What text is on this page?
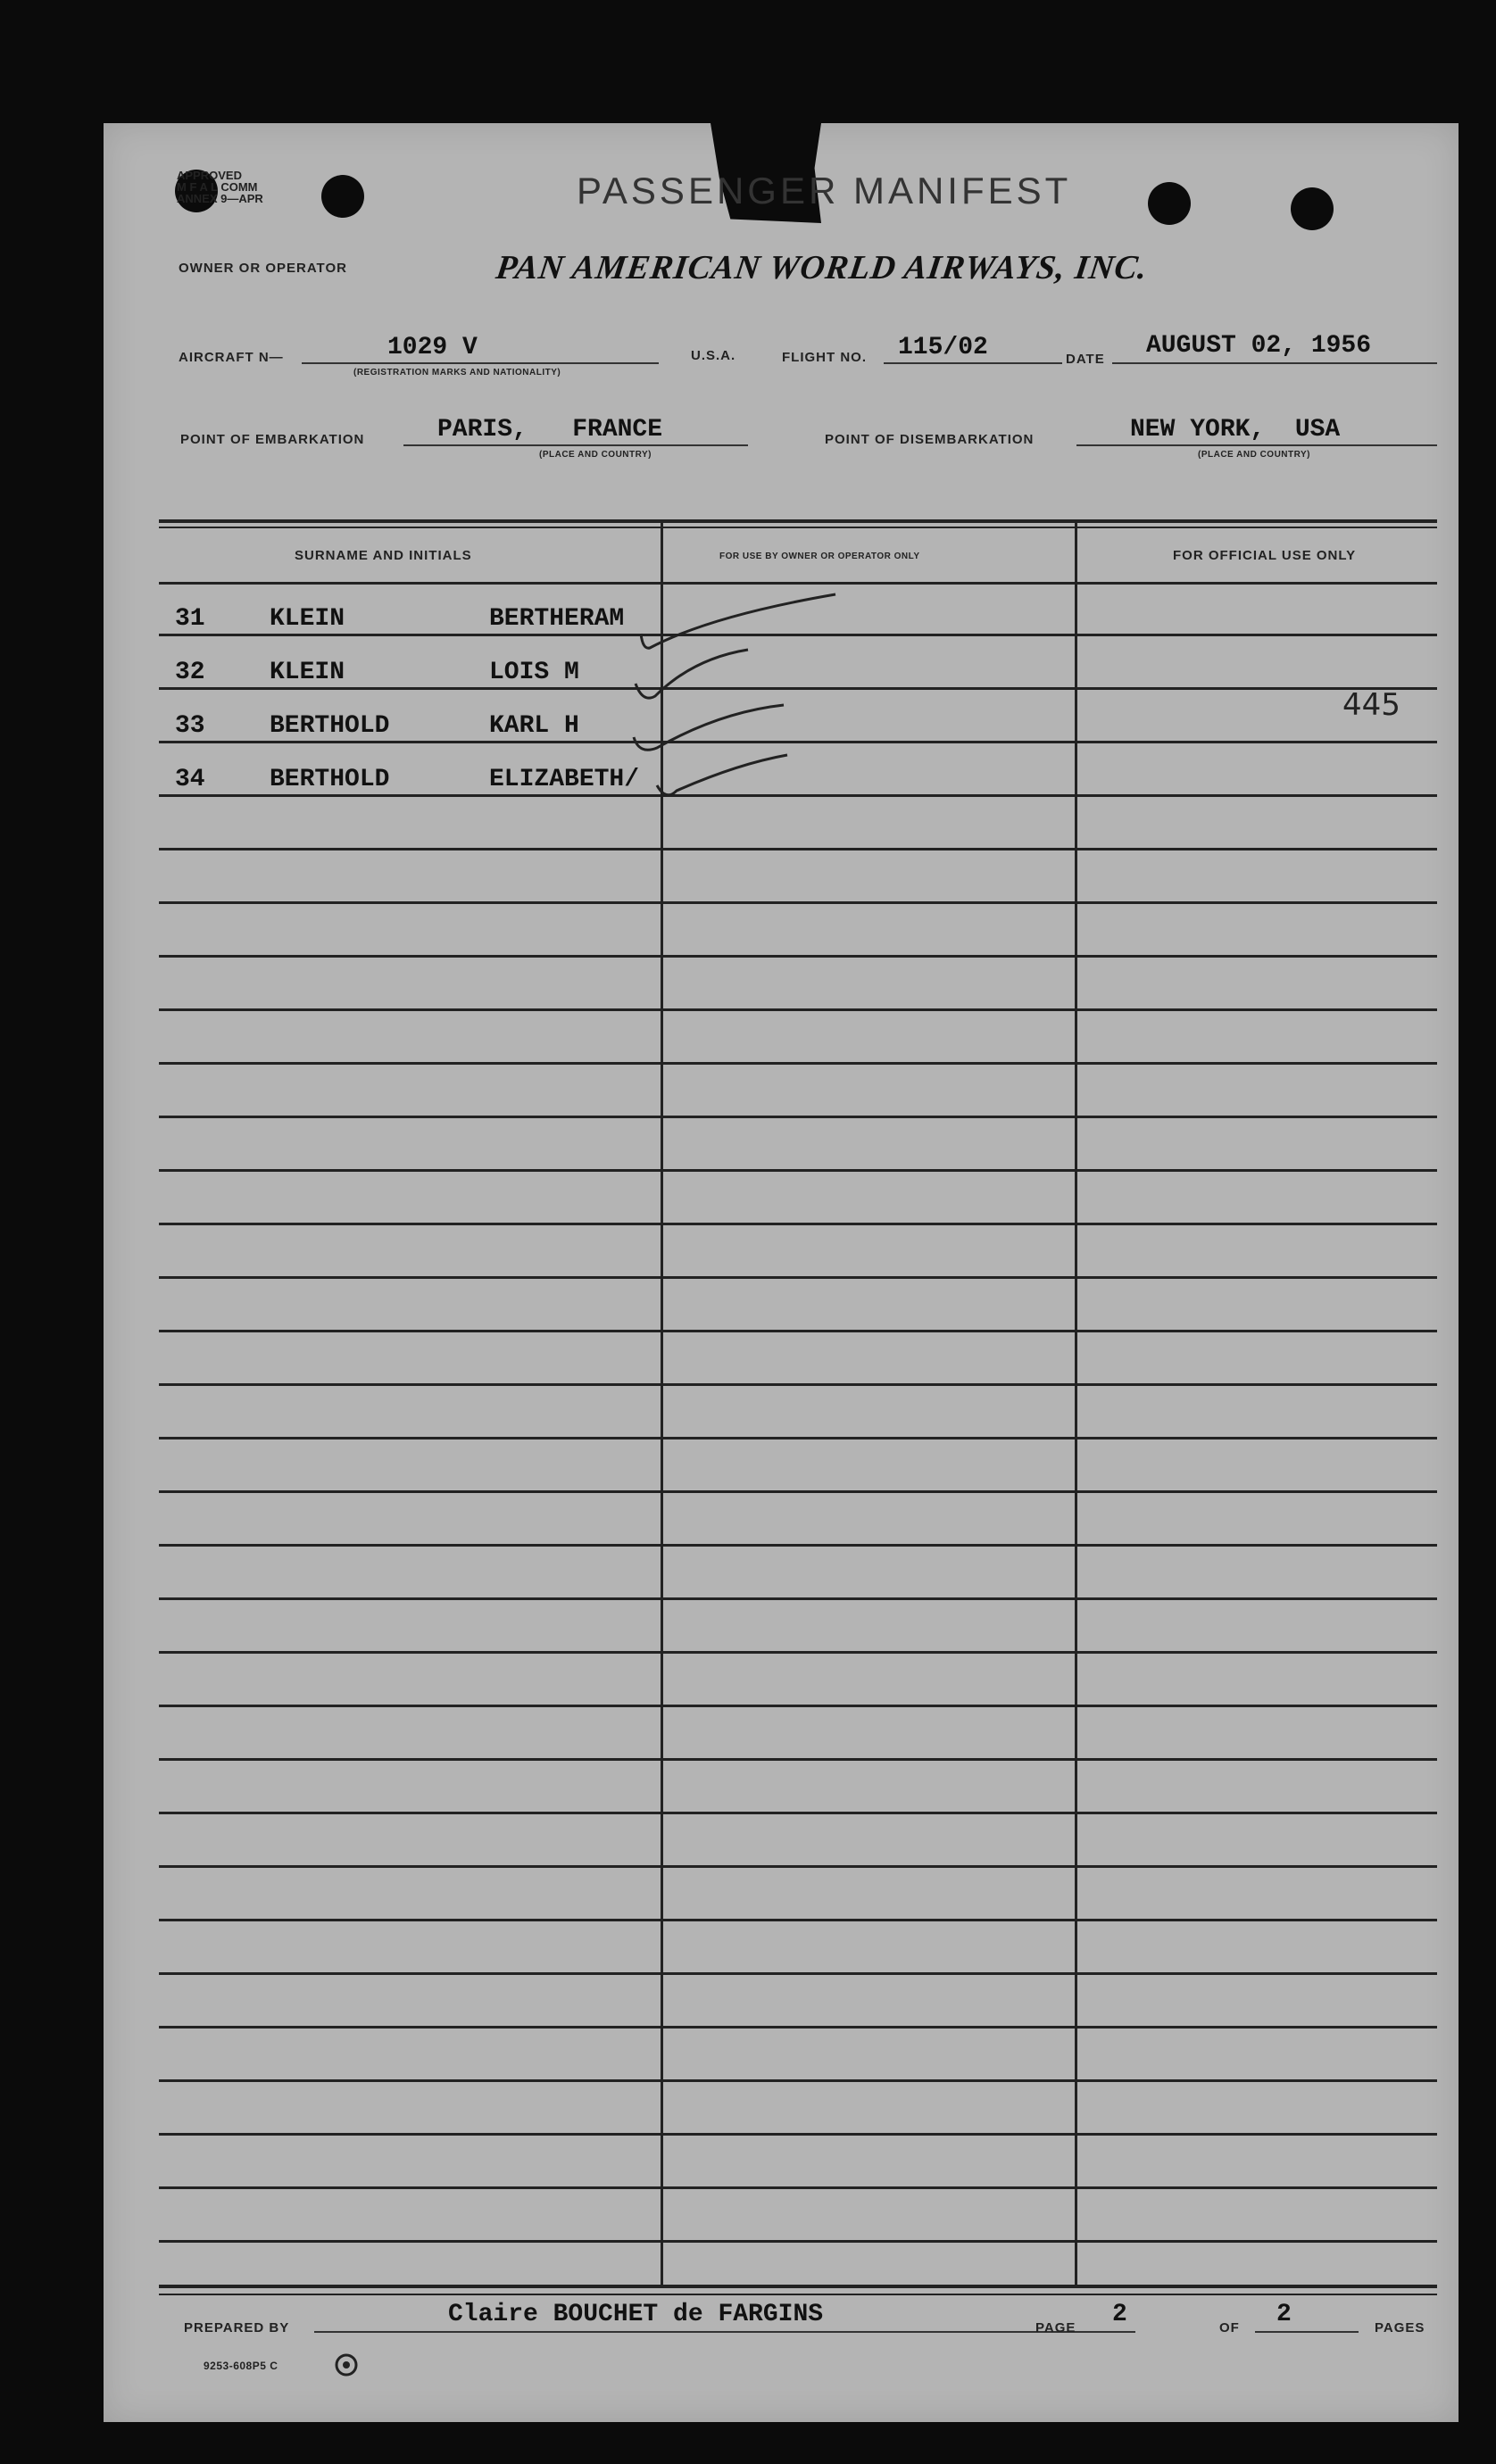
APPROVED
M F A L COMM
ANNEX 9—APR	PASSENGER MANIFEST
OWNER OR OPERATOR	PAN AMERICAN WORLD AIRWAYS, INC.
AIRCRAFT N—	1029 V
(REGISTRATION MARKS AND NATIONALITY)
U.S.A.	FLIGHT NO. 115/02	DATE AUGUST 02, 1956
POINT OF EMBARKATION	PARIS,   FRANCE
(PLACE AND COUNTRY)
POINT OF DISEMBARKATION	NEW YORK,  USA
(PLACE AND COUNTRY)
SURNAME AND INITIALS	FOR USE BY OWNER OR OPERATOR ONLY	FOR OFFICIAL USE ONLY
31	KLEIN	BERTHERAM
32	KLEIN	LOIS M
33	BERTHOLD	KARL H
34	BERTHOLD	ELIZABETH/
445
PREPARED BY	Claire BOUCHET de FARGINS	PAGE 2	OF 2	PAGES
9253-608P5 C
